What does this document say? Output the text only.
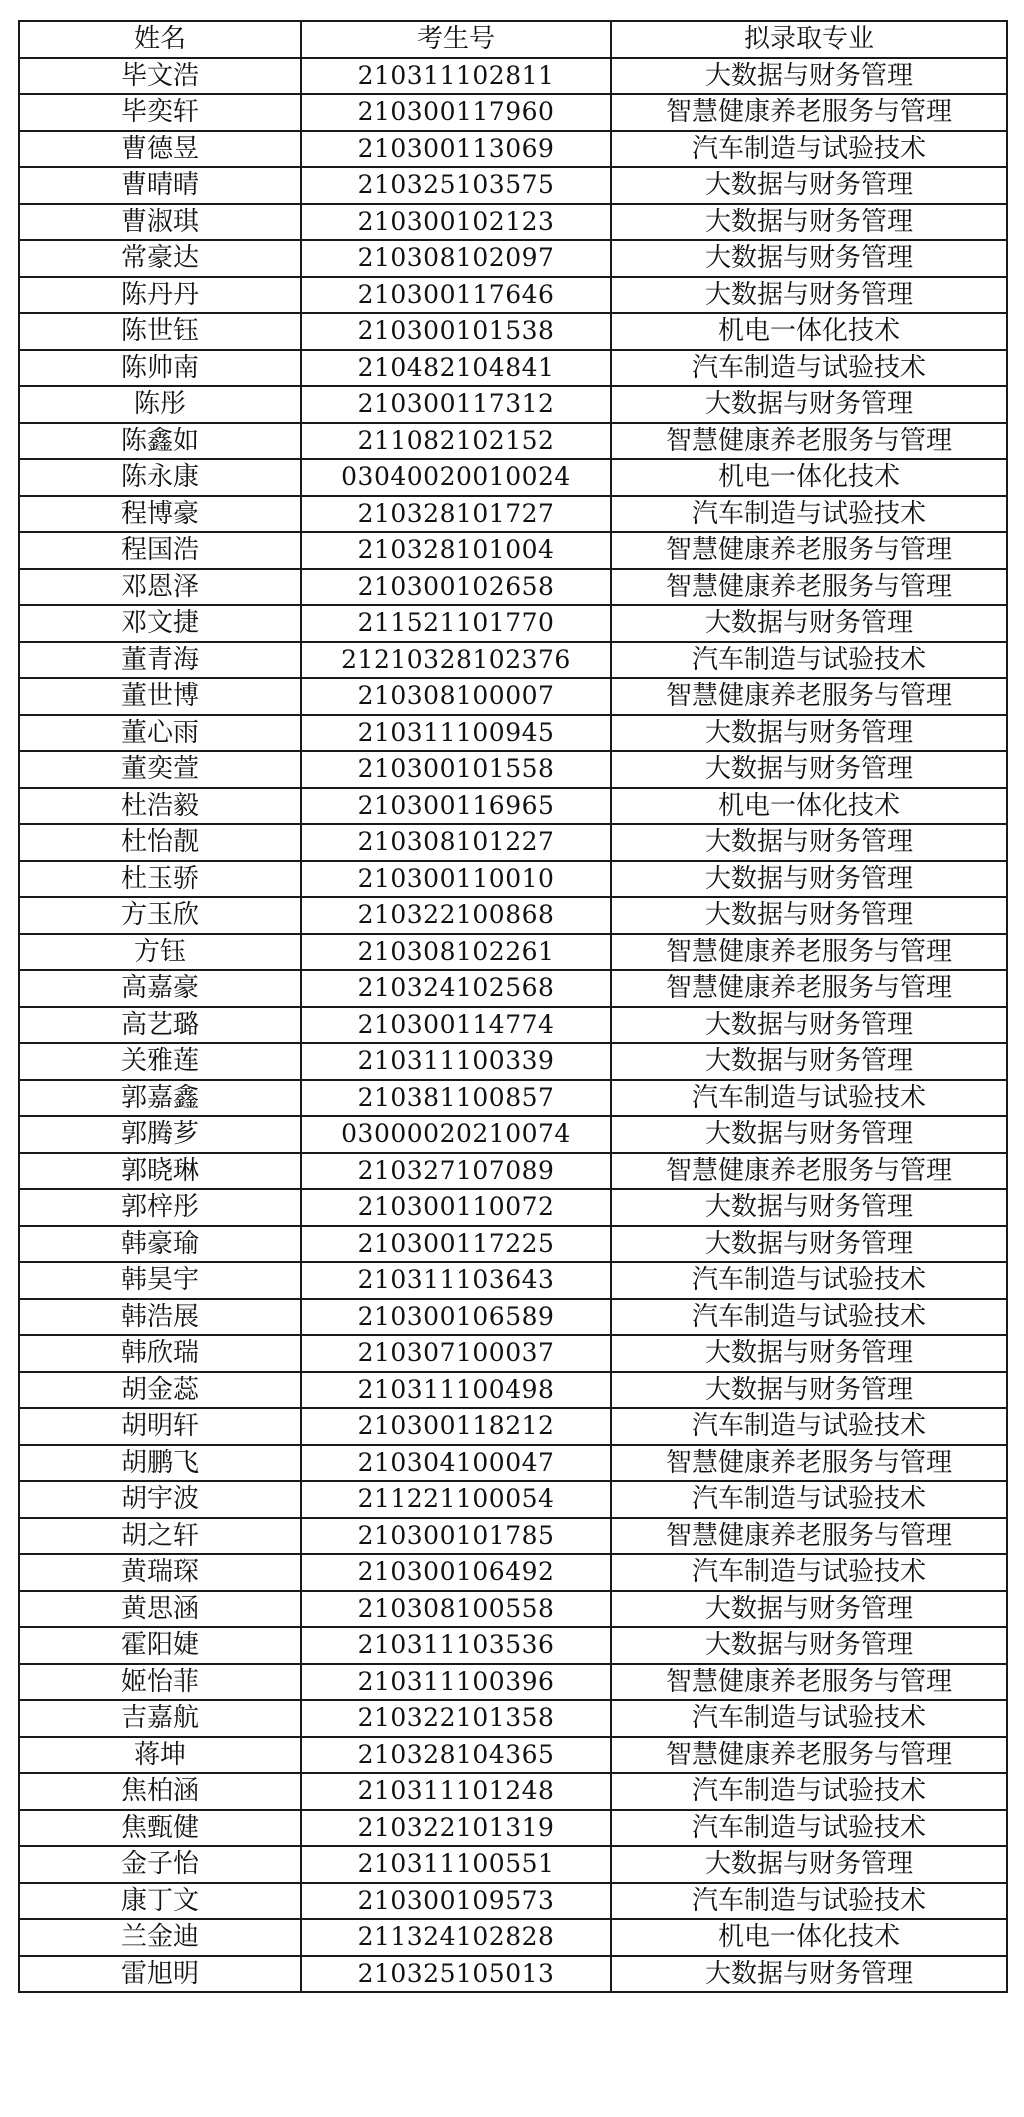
姓名	考生号	拟录取专业
毕文浩	210311102811	大数据与财务管理
毕奕轩	210300117960	智慧健康养老服务与管理
曹德昱	210300113069	汽车制造与试验技术
曹晴晴	210325103575	大数据与财务管理
曹淑琪	210300102123	大数据与财务管理
常豪达	210308102097	大数据与财务管理
陈丹丹	210300117646	大数据与财务管理
陈世钰	210300101538	机电一体化技术
陈帅南	210482104841	汽车制造与试验技术
陈彤	210300117312	大数据与财务管理
陈鑫如	211082102152	智慧健康养老服务与管理
陈永康	03040020010024	机电一体化技术
程博豪	210328101727	汽车制造与试验技术
程国浩	210328101004	智慧健康养老服务与管理
邓恩泽	210300102658	智慧健康养老服务与管理
邓文捷	211521101770	大数据与财务管理
董青海	21210328102376	汽车制造与试验技术
董世博	210308100007	智慧健康养老服务与管理
董心雨	210311100945	大数据与财务管理
董奕萱	210300101558	大数据与财务管理
杜浩毅	210300116965	机电一体化技术
杜怡靓	210308101227	大数据与财务管理
杜玉骄	210300110010	大数据与财务管理
方玉欣	210322100868	大数据与财务管理
方钰	210308102261	智慧健康养老服务与管理
高嘉豪	210324102568	智慧健康养老服务与管理
高艺璐	210300114774	大数据与财务管理
关雅莲	210311100339	大数据与财务管理
郭嘉鑫	210381100857	汽车制造与试验技术
郭腾芗	03000020210074	大数据与财务管理
郭晓琳	210327107089	智慧健康养老服务与管理
郭梓彤	210300110072	大数据与财务管理
韩豪瑜	210300117225	大数据与财务管理
韩昊宇	210311103643	汽车制造与试验技术
韩浩展	210300106589	汽车制造与试验技术
韩欣瑞	210307100037	大数据与财务管理
胡金蕊	210311100498	大数据与财务管理
胡明轩	210300118212	汽车制造与试验技术
胡鹏飞	210304100047	智慧健康养老服务与管理
胡宇波	211221100054	汽车制造与试验技术
胡之轩	210300101785	智慧健康养老服务与管理
黄瑞琛	210300106492	汽车制造与试验技术
黄思涵	210308100558	大数据与财务管理
霍阳婕	210311103536	大数据与财务管理
姬怡菲	210311100396	智慧健康养老服务与管理
吉嘉航	210322101358	汽车制造与试验技术
蒋坤	210328104365	智慧健康养老服务与管理
焦柏涵	210311101248	汽车制造与试验技术
焦甄健	210322101319	汽车制造与试验技术
金子怡	210311100551	大数据与财务管理
康丁文	210300109573	汽车制造与试验技术
兰金迪	211324102828	机电一体化技术
雷旭明	210325105013	大数据与财务管理
